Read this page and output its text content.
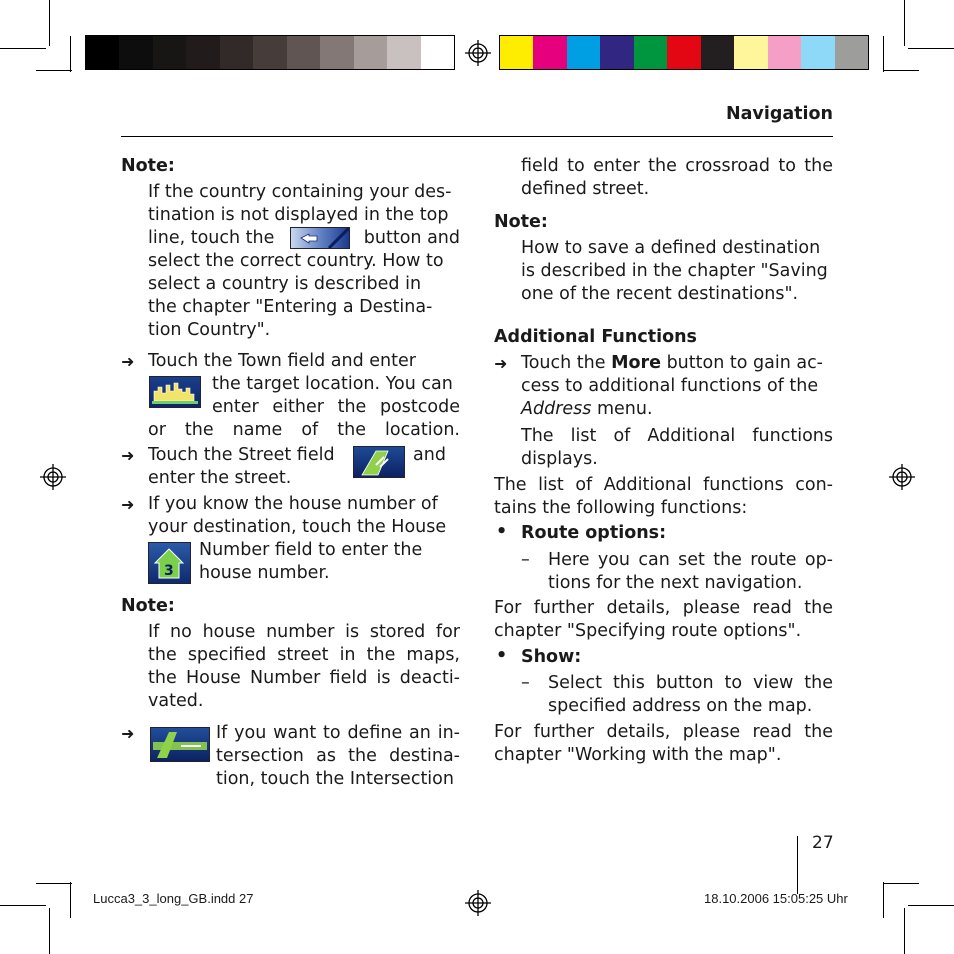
Navigation
Note:
If the country containing your des-
tination is not displayed in the top
line, touch the	button and
select the correct country. How to
select a country is described in
the chapter "Entering a Destina-
tion Country".
➜ Touch the Town field and enter
the target location. You can
enter either the postcode
or the name of the location.
➜ Touch the Street field	and
enter the street.
➜ If you know the house number of
your destination, touch the House
Number field to enter the
house number.
3
Note:
If no house number is stored for
the specified street in the maps,
the House Number field is deacti-
vated.
➜	If you want to define an in-
tersection as the destina-
tion, touch the Intersection
field to enter the crossroad to the
defined street.
Note:
How to save a defined destination
is described in the chapter "Saving
one of the recent destinations".
Additional Functions
➜ Touch the More button to gain ac-
cess to additional functions of the
Address menu.
The list of Additional functions
displays.
The list of Additional functions con-
tains the following functions:
• Route options:
– Here you can set the route op-
tions for the next navigation.
For further details, please read the
chapter "Specifying route options".
• Show:
– Select this button to view the
specified address on the map.
For further details, please read the
chapter "Working with the map".
27
Lucca3_3_long_GB.indd 27	18.10.2006 15:05:25 Uhr
